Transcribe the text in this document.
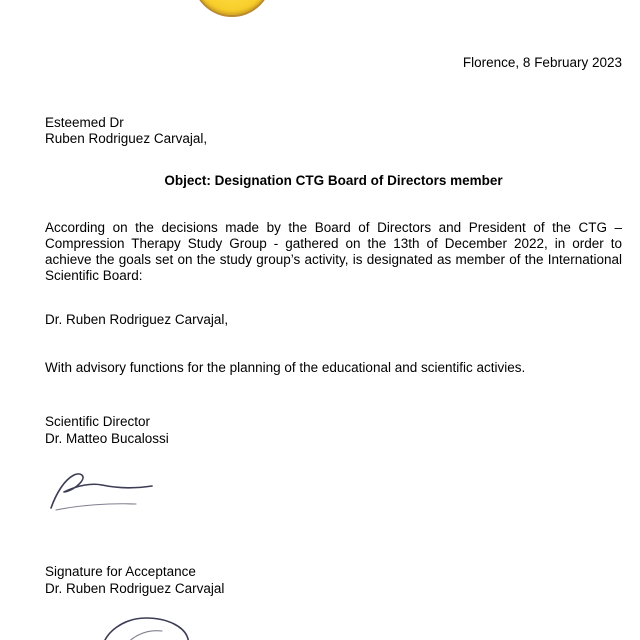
Florence, 8 February 2023
Esteemed Dr
Ruben Rodriguez Carvajal,
Object: Designation CTG Board of Directors member

According on the decisions made by the Board of Directors and President of the CTG – Compression Therapy Study Group - gathered on the 13th of December 2022, in order to achieve the goals set on the study group’s activity, is designated as member of the International Scientific Board:

Dr. Ruben Rodriguez Carvajal,
With advisory functions for the planning of the educational and scientific activies.
Scientific Director
Dr. Matteo Bucalossi
Signature for Acceptance
Dr. Ruben Rodriguez Carvajal
